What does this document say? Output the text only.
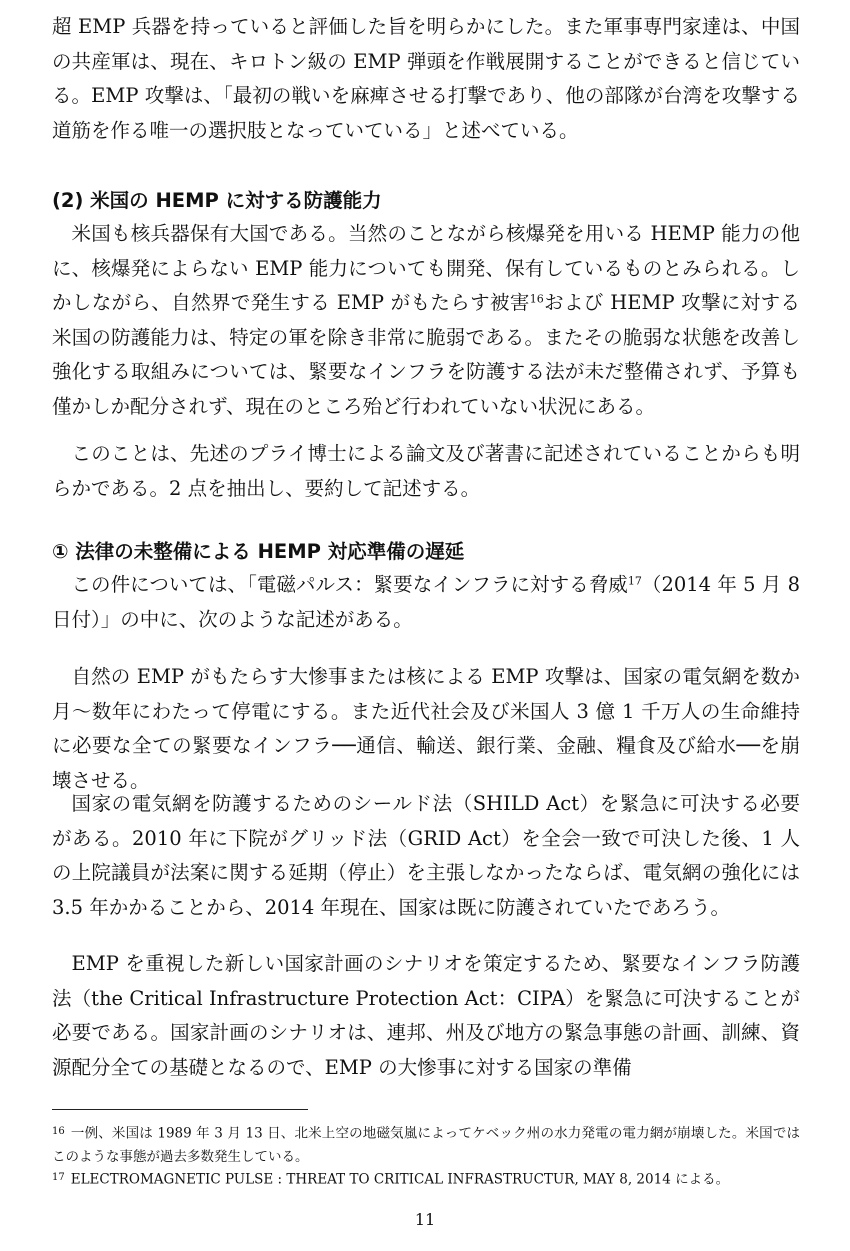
超 EMP 兵器を持っていると評価した旨を明らかにした。また軍事専門家達は、中国の共産軍は、現在、キロトン級の EMP 弾頭を作戦展開することができると信じている。EMP 攻撃は、「最初の戦いを麻痺させる打撃であり、他の部隊が台湾を攻撃する道筋を作る唯一の選択肢となっていている」と述べている。

(2) 米国の HEMP に対する防護能力

米国も核兵器保有大国である。当然のことながら核爆発を用いる HEMP 能力の他に、核爆発によらない EMP 能力についても開発、保有しているものとみられる。しかしながら、自然界で発生する EMP がもたらす被害$^{16}$および HEMP 攻撃に対する米国の防護能力は、特定の軍を除き非常に脆弱である。またその脆弱な状態を改善し強化する取組みについては、緊要なインフラを防護する法が未だ整備されず、予算も僅かしか配分されず、現在のところ殆ど行われていない状況にある。

このことは、先述のプライ博士による論文及び著書に記述されていることからも明らかである。2 点を抽出し、要約して記述する。

① 法律の未整備による HEMP 対応準備の遅延

この件については、「電磁パルス：緊要なインフラに対する脅威$^{17}$（2014 年 5 月 8 日付）」の中に、次のような記述がある。

自然の EMP がもたらす大惨事または核による EMP 攻撃は、国家の電気網を数か月～数年にわたって停電にする。また近代社会及び米国人 3 億 1 千万人の生命維持に必要な全ての緊要なインフラ──通信、輸送、銀行業、金融、糧食及び給水──を崩壊させる。

国家の電気網を防護するためのシールド法（SHILD Act）を緊急に可決する必要がある。2010 年に下院がグリッド法（GRID Act）を全会一致で可決した後、1 人の上院議員が法案に関する延期（停止）を主張しなかったならば、電気網の強化には 3.5 年かかることから、2014 年現在、国家は既に防護されていたであろう。

EMP を重視した新しい国家計画のシナリオを策定するため、緊要なインフラ防護法（the Critical Infrastructure Protection Act：CIPA）を緊急に可決することが必要である。国家計画のシナリオは、連邦、州及び地方の緊急事態の計画、訓練、資源配分全ての基礎となるので、EMP の大惨事に対する国家の準備

$^{16}$ 一例、米国は 1989 年 3 月 13 日、北米上空の地磁気嵐によってケベック州の水力発電の電力網が崩壊した。米国ではこのような事態が過去多数発生している。

$^{17}$ ELECTROMAGNETIC PULSE : THREAT TO CRITICAL INFRASTRUCTUR, MAY 8, 2014 による。

11
